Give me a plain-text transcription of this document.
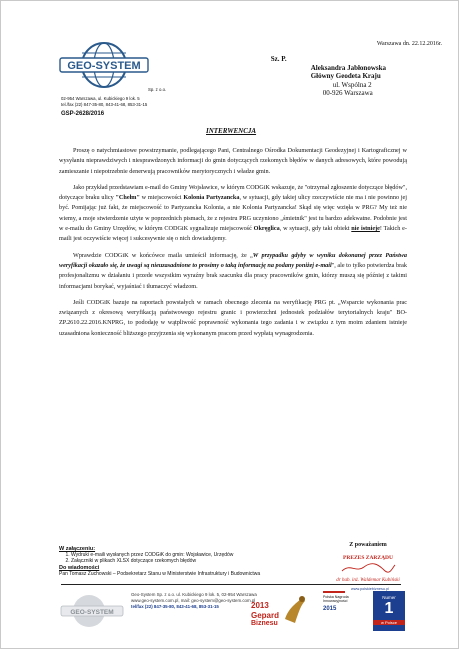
GEO-SYSTEM
Sp. z o.o.
02-954 Warszawa, ul. Kubickiego 9 lok. 5
tel./fax (22) 847-35-80, 843-41-68, 853-31-15
GSP-2628/2016
Warszawa dn. 22.12.2016r.
Sz. P.
Aleksandra Jabłonowska
Główny Geodeta Kraju
ul. Wspólna 2
00-926 Warszawa
INTERWENCJA

Proszę o natychmiastowe powstrzymanie, podlegającego Pani, Centralnego Ośrodka Dokumentacji Geodezyjnej i Kartograficznej w wysyłaniu nieprawdziwych i niesprawdzonych informacji do gmin dotyczących rzekomych błędów w danych adresowych, które powodują zamieszanie i niepotrzebnie denerwują pracowników merytorycznych i władze gmin.

Jako przykład przedstawiam e-mail do Gminy Wojsławice, w którym CODGiK wskazuje, że "otrzymał zgłoszenie dotyczące błędów", dotyczące braku ulicy "Chełm" w miejscowości Kolonia Partyzancka, w sytuacji, gdy takiej ulicy rzeczywiście nie ma i nie powinno jej być. Pomijając już fakt, że miejscowość to Partyzancka Kolonia, a nie Kolonia Partyzancka! Skąd się więc wzięła w PRG? My też nie wiemy, a moje stwierdzenie użyte w poprzednich pismach, że z rejestru PRG uczyniono „śmietnik" jest tu bardzo adekwatne. Podobnie jest w e-mailu do Gminy Urzędów, w którym CODGiK sygnalizuje miejscowość Okręglica, w sytuacji, gdy taki obiekt nie istnieje! Takich e-maili jest oczywiście więcej i sukcesywnie się o nich dowiadujemy.

Wprawdzie CODGiK w końcówce maila umieścił informację, że „W przypadku gdyby w wyniku dokonanej przez Państwa weryfikacji okazało się, że uwagi są nieuzasadnione to prosimy o taką informację na podany poniżej e-mail", ale to tylko potwierdza brak profesjonalizmu w działaniu i przede wszystkim wyraźny brak szacunku dla pracy pracowników gmin, którzy muszą się później z takimi informacjami borykać, wyjaśniać i tłumaczyć władzom.

Jeśli CODGiK bazuje na raportach powstałych w ramach obecnego zlecenia na weryfikację PRG pt. „Wsparcie wykonania prac związanych z okresową weryfikacją państwowego rejestru granic i powierzchni jednostek podziałów terytorialnych kraju" BO-ZP.2610.22.2016.KNPRG, to pododaję w wątpliwość poprawność wykonania tego zadania i w związku z tym moim zdaniem istnieje uzasadniona konieczność bliższego przyjrzenia się wykonanym pracom przed wypłatą wynagrodzenia.

W załączeniu:
1. Wydruki e-maili wysłanych przez CODGiK do gmin: Wojsławice, Urzędów
2. Załączniki w plikach XLSX dotyczące rzekomych błędów
Do wiadomości
Pan Tomasz Żuchowski – Podsekretarz Stanu w Ministerstwie Infrastruktury i Budownictwa
Z poważaniem
PREZES ZARZĄDU
dr hab. inż. Waldemar Kubiński
GEO-SYSTEM
Geo-System Sp. z o.o. ul. Kubickiego 9 lok. 5, 02-954 Warszawa
www.geo-system.com.pl, mail: geo-system@geo-system.com.pl
tel/fax (22) 847-35-80, 843-41-68, 853-31-15	2013
Gepard
Biznesu
Polska Nagroda Innowacyjności
2015
www.polskiebiznesu.pl
Numer
1
w Polsce
